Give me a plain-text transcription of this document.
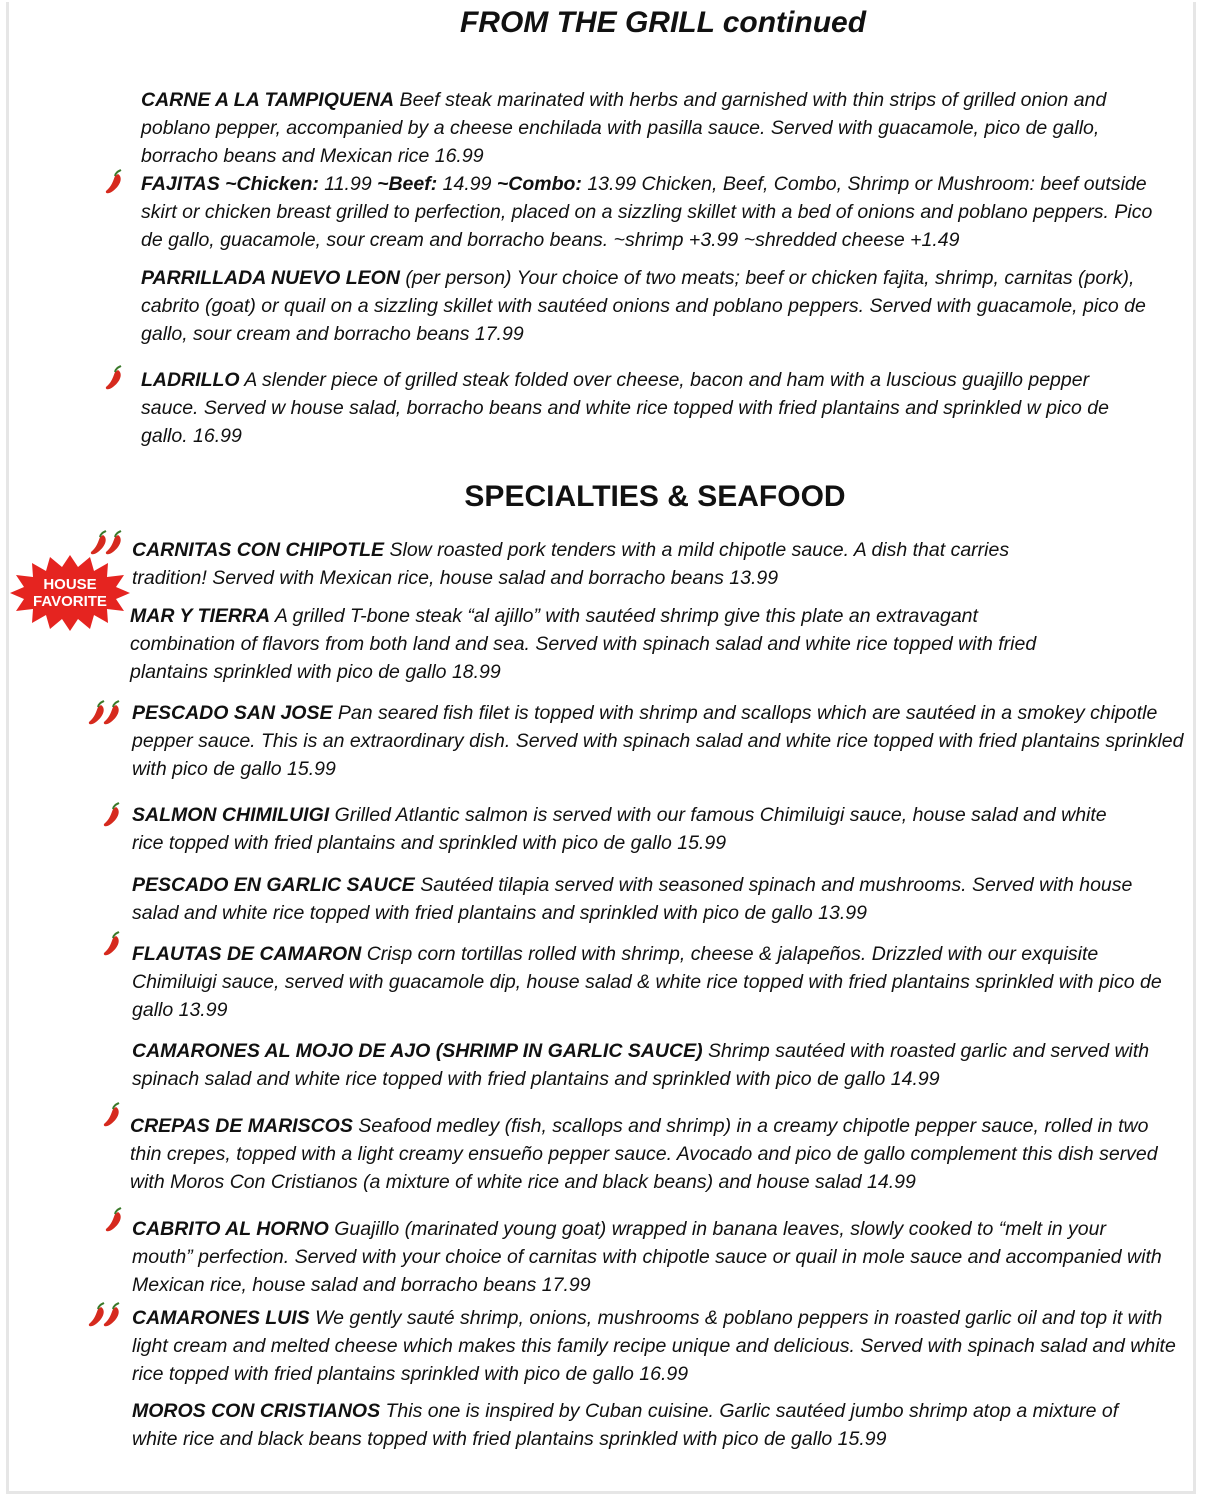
FROM THE GRILL continued
CARNE A LA TAMPIQUENA Beef steak marinated with herbs and garnished with thin strips of grilled onion and poblano pepper, accompanied by a cheese enchilada with pasilla sauce. Served with guacamole, pico de gallo, borracho beans and Mexican rice 16.99
FAJITAS ~Chicken: 11.99 ~Beef: 14.99 ~Combo: 13.99 Chicken, Beef, Combo, Shrimp or Mushroom: beef outside skirt or chicken breast grilled to perfection, placed on a sizzling skillet with a bed of onions and poblano peppers. Pico de gallo, guacamole, sour cream and borracho beans. ~shrimp +3.99 ~shredded cheese +1.49
PARRILLADA NUEVO LEON (per person) Your choice of two meats; beef or chicken fajita, shrimp, carnitas (pork), cabrito (goat) or quail on a sizzling skillet with sautéed onions and poblano peppers. Served with guacamole, pico de gallo, sour cream and borracho beans 17.99
LADRILLO A slender piece of grilled steak folded over cheese, bacon and ham with a luscious guajillo pepper sauce. Served w house salad, borracho beans and white rice topped with fried plantains and sprinkled w pico de gallo. 16.99
SPECIALTIES & SEAFOOD
HOUSE
FAVORITE
CARNITAS CON CHIPOTLE Slow roasted pork tenders with a mild chipotle sauce. A dish that carries tradition! Served with Mexican rice, house salad and borracho beans 13.99
MAR Y TIERRA A grilled T-bone steak “al ajillo” with sautéed shrimp give this plate an extravagant combination of flavors from both land and sea. Served with spinach salad and white rice topped with fried plantains sprinkled with pico de gallo 18.99
PESCADO SAN JOSE Pan seared fish filet is topped with shrimp and scallops which are sautéed in a smokey chipotle pepper sauce. This is an extraordinary dish. Served with spinach salad and white rice topped with fried plantains sprinkled with pico de gallo 15.99
SALMON CHIMILUIGI Grilled Atlantic salmon is served with our famous Chimiluigi sauce, house salad and white rice topped with fried plantains and sprinkled with pico de gallo 15.99
PESCADO EN GARLIC SAUCE Sautéed tilapia served with seasoned spinach and mushrooms. Served with house salad and white rice topped with fried plantains and sprinkled with pico de gallo 13.99
FLAUTAS DE CAMARON Crisp corn tortillas rolled with shrimp, cheese & jalapeños. Drizzled with our exquisite Chimiluigi sauce, served with guacamole dip, house salad & white rice topped with fried plantains sprinkled with pico de gallo 13.99
CAMARONES AL MOJO DE AJO (SHRIMP IN GARLIC SAUCE) Shrimp sautéed with roasted garlic and served with spinach salad and white rice topped with fried plantains and sprinkled with pico de gallo 14.99
CREPAS DE MARISCOS Seafood medley (fish, scallops and shrimp) in a creamy chipotle pepper sauce, rolled in two thin crepes, topped with a light creamy ensueño pepper sauce. Avocado and pico de gallo complement this dish served with Moros Con Cristianos (a mixture of white rice and black beans) and house salad 14.99
CABRITO AL HORNO Guajillo (marinated young goat) wrapped in banana leaves, slowly cooked to “melt in your mouth” perfection. Served with your choice of carnitas with chipotle sauce or quail in mole sauce and accompanied with Mexican rice, house salad and borracho beans 17.99
CAMARONES LUIS We gently sauté shrimp, onions, mushrooms & poblano peppers in roasted garlic oil and top it with light cream and melted cheese which makes this family recipe unique and delicious. Served with spinach salad and white rice topped with fried plantains sprinkled with pico de gallo 16.99
MOROS CON CRISTIANOS This one is inspired by Cuban cuisine. Garlic sautéed jumbo shrimp atop a mixture of white rice and black beans topped with fried plantains sprinkled with pico de gallo 15.99
